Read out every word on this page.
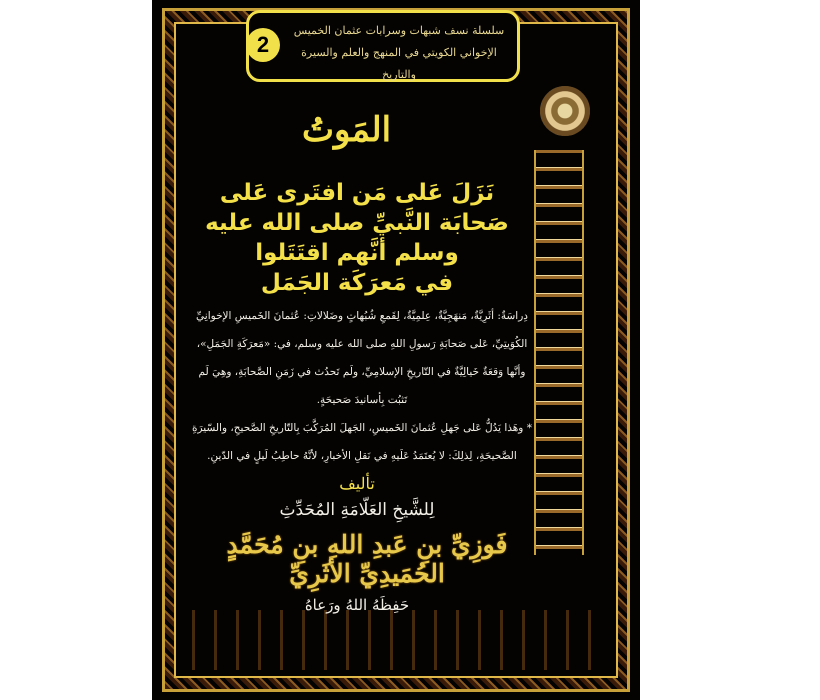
2
سلسلة نسف شبهات وسرابات عثمان الخميس الإخواني الكويتي في المنهج والعلم والسيرة والتاريخ
المَوتُ
نَزَلَ عَلى مَن افتَرى عَلى
صَحابَة النَّبيِّ صلى الله عليه
وسلم أنَّهم اقتَتَلوا
في مَعرَكَة الجَمَل

دِراسَةٌ: أثَرِيَّةٌ، مَنهَجِيَّةٌ، عِلمِيَّةٌ، لِقَمعِ شُبُهاتٍ وضَلالاتِ: عُثمانَ الخَميسِ الإخوانِيِّ الكُوَيتِيِّ، عَلى صَحابَةِ رَسولِ اللهِ صلى الله عليه وسلم، في: «مَعرَكَةِ الجَمَلِ»، وأنَّها وَقعَةٌ خَيالِيَّةٌ في التّاريخِ الإسلامِيِّ، ولَم تَحدُث في زَمَنِ الصَّحابَةِ، وهِيَ لَم تَثبُت بِأسانيدَ صَحيحَةٍ.

* وهَذا يَدُلُّ عَلى جَهلِ عُثمانَ الخَميسِ، الجَهلَ المُرَكَّبَ بِالتّاريخِ الصَّحيحِ، والسّيرَةِ الصَّحيحَةِ، لِذلِكَ: لا يُعتَمَدُ عَلَيهِ في نَقلِ الأخبارِ، لأنَّهُ حاطِبُ لَيلٍ في الدّينِ.

تأليف
لِلشَّيخِ العَلّامَةِ المُحَدِّثِ
فَوزِيِّ بنِ عَبدِ اللهِ بنِ مُحَمَّدٍ الحُمَيدِيِّ الأثَرِيِّ
حَفِظَهُ اللهُ ورَعاهُ
